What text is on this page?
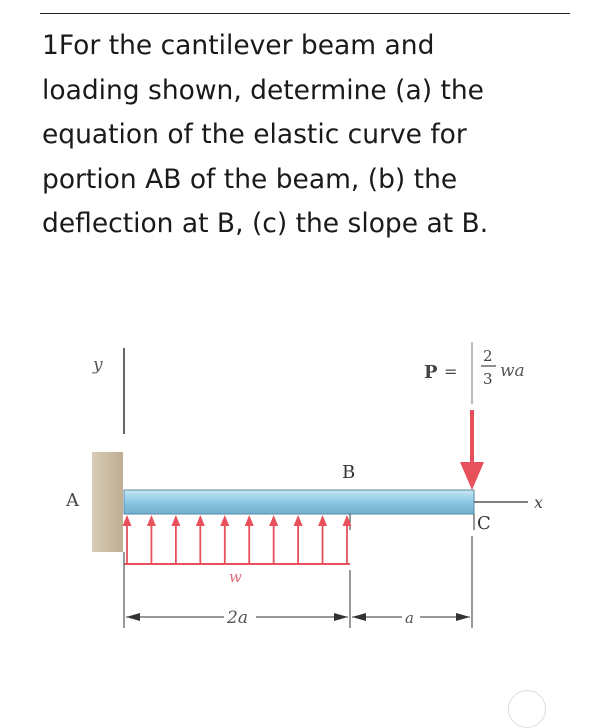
1For the cantilever beam and
loading shown, determine (a) the
equation of the elastic curve for
portion AB of the beam, (b) the
deflection at B, (c) the slope at B.
y
A
B
w
P =
2
3 wa
C
x
2a	a
